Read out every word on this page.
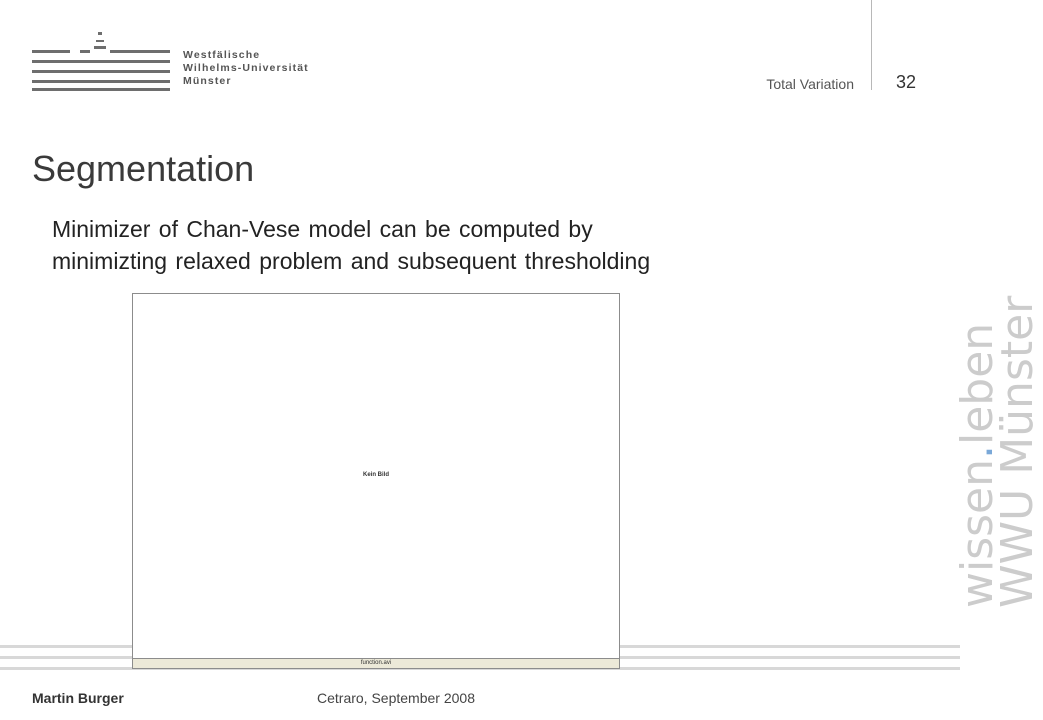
Westfälische
Wilhelms-Universität
Münster	Total Variation	32
Segmentation
Minimizer of Chan-Vese model can be computed by
minimizting relaxed problem and subsequent thresholding
wissen.leben
WWU Münster
Kein Bild
function.avi
Martin Burger	Cetraro, September 2008
